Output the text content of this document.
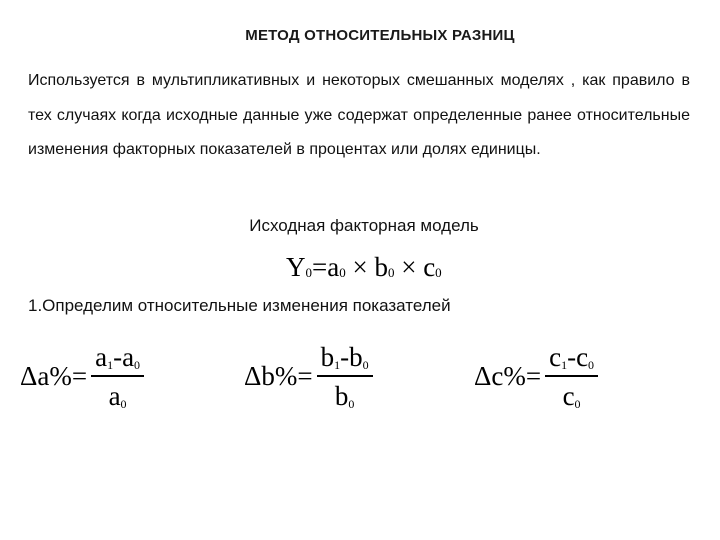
МЕТОД ОТНОСИТЕЛЬНЫХ РАЗНИЦ
Используется в мультипликативных и некоторых смешанных моделях , как правило в тех случаях когда исходные данные уже содержат определенные ранее относительные изменения факторных показателей в процентах или долях единицы.
Исходная факторная модель
$Y_0=a_0 \times b_0 \times c_0$
1.Определим относительные изменения показателей
$\Delta a\%= \frac{a_1-a_0}{a_0}$	$\Delta b\%= \frac{b_1-b_0}{b_0}$	$\Delta c\%= \frac{c_1-c_0}{c_0}$
